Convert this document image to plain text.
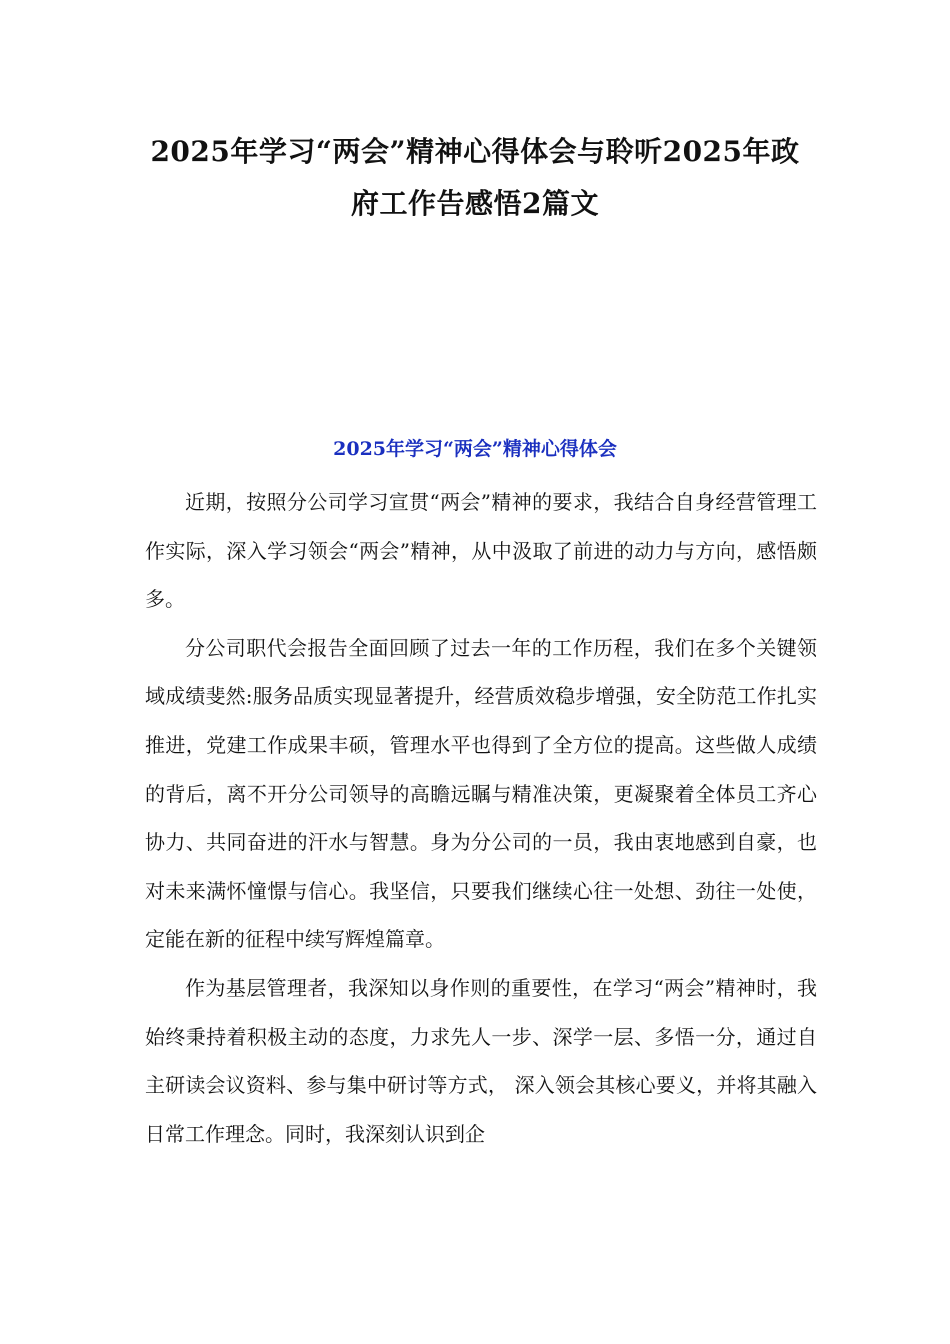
2025年学习“两会”精神心得体会与聆听2025年政
府工作告感悟2篇文
2025年学习“两会”精神心得体会

近期，按照分公司学习宣贯“两会”精神的要求，我结合自身经营管理工作实际，深入学习领会“两会”精神，从中汲取了前进的动力与方向，感悟颇多。

分公司职代会报告全面回顾了过去一年的工作历程，我们在多个关键领域成绩斐然:服务品质实现显著提升，经营质效稳步增强，安全防范工作扎实推进，党建工作成果丰硕，管理水平也得到了全方位的提高。这些做人成绩的背后，离不开分公司领导的高瞻远瞩与精准决策，更凝聚着全体员工齐心协力、共同奋进的汗水与智慧。身为分公司的一员，我由衷地感到自豪，也对未来满怀憧憬与信心。我坚信，只要我们继续心往一处想、劲往一处使，定能在新的征程中续写辉煌篇章。

作为基层管理者，我深知以身作则的重要性，在学习“两会”精神时，我始终秉持着积极主动的态度，力求先人一步、深学一层、多悟一分，通过自主研读会议资料、参与集中研讨等方式， 深入领会其核心要义，并将其融入日常工作理念。同时，我深刻认识到企
